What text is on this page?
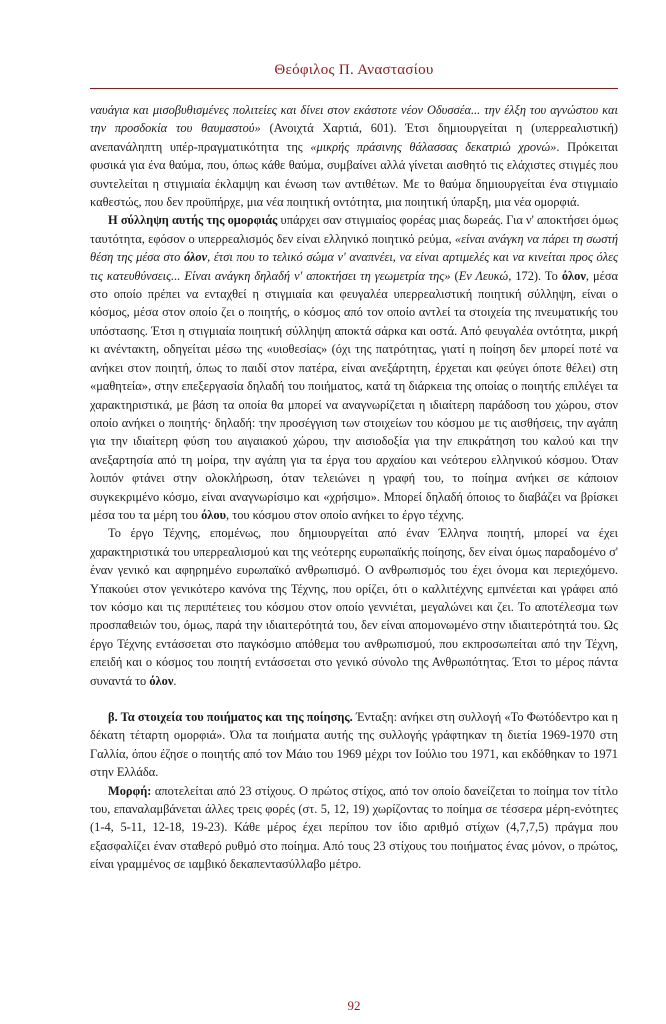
Θεόφιλος Π. Αναστασίου

ναυάγια και μισοβυθισμένες πολιτείες και δίνει στον εκάστοτε νέον Οδυσσέα... την έλξη του αγνώστου και την προσδοκία του θαυμαστού» (Ανοιχτά Χαρτιά, 601). Έτσι δημιουργείται η (υπερρεαλιστική) ανεπανάληπτη υπέρ-πραγματικότητα της «μικρής πράσινης θάλασσας δεκατριώ χρονώ». Πρόκειται φυσικά για ένα θαύμα, που, όπως κάθε θαύμα, συμβαίνει αλλά γίνεται αισθητό τις ελάχιστες στιγμές που συντελείται η στιγμιαία έκλαμψη και ένωση των αντιθέτων. Με το θαύμα δημιουργείται ένα στιγμιαίο καθεστώς, που δεν προϋπήρχε, μια νέα ποιητική οντότητα, μια ποιητική ύπαρξη, μια νέα ομορφιά.

Η σύλληψη αυτής της ομορφιάς υπάρχει σαν στιγμιαίος φορέας μιας δωρεάς. Για ν' αποκτήσει όμως ταυτότητα, εφόσον ο υπερρεαλισμός δεν είναι ελληνικό ποιητικό ρεύμα, «είναι ανάγκη να πάρει τη σωστή θέση της μέσα στο όλον, έτσι που το τελικό σώμα ν' αναπνέει, να είναι αρτιμελές και να κινείται προς όλες τις κατευθύνσεις... Είναι ανάγκη δηλαδή ν' αποκτήσει τη γεωμετρία της» (Εν Λευκώ, 172). Το όλον, μέσα στο οποίο πρέπει να ενταχθεί η στιγμιαία και φευγαλέα υπερρεαλιστική ποιητική σύλληψη, είναι ο κόσμος, μέσα στον οποίο ζει ο ποιητής, ο κόσμος από τον οποίο αντλεί τα στοιχεία της πνευματικής του υπόστασης. Έτσι η στιγμιαία ποιητική σύλληψη αποκτά σάρκα και οστά. Από φευγαλέα οντότητα, μικρή κι ανέντακτη, οδηγείται μέσω της «υιοθεσίας» (όχι της πατρότητας, γιατί η ποίηση δεν μπορεί ποτέ να ανήκει στον ποιητή, όπως το παιδί στον πατέρα, είναι ανεξάρτητη, έρχεται και φεύγει όποτε θέλει) στη «μαθητεία», στην επεξεργασία δηλαδή του ποιήματος, κατά τη διάρκεια της οποίας ο ποιητής επιλέγει τα χαρακτηριστικά, με βάση τα οποία θα μπορεί να αναγνωρίζεται η ιδιαίτερη παράδοση του χώρου, στον οποίο ανήκει ο ποιητής· δηλαδή: την προσέγγιση των στοιχείων του κόσμου με τις αισθήσεις, την αγάπη για την ιδιαίτερη φύση του αιγαιακού χώρου, την αισιοδοξία για την επικράτηση του καλού και την ανεξαρτησία από τη μοίρα, την αγάπη για τα έργα του αρχαίου και νεότερου ελληνικού κόσμου. Όταν λοιπόν φτάνει στην ολοκλήρωση, όταν τελειώνει η γραφή του, το ποίημα ανήκει σε κάποιον συγκεκριμένο κόσμο, είναι αναγνωρίσιμο και «χρήσιμο». Μπορεί δηλαδή όποιος το διαβάζει να βρίσκει μέσα του τα μέρη του όλου, του κόσμου στον οποίο ανήκει το έργο τέχνης.

Το έργο Τέχνης, επομένως, που δημιουργείται από έναν Έλληνα ποιητή, μπορεί να έχει χαρακτηριστικά του υπερρεαλισμού και της νεότερης ευρωπαϊκής ποίησης, δεν είναι όμως παραδομένο σ' έναν γενικό και αφηρημένο ευρωπαϊκό ανθρωπισμό. Ο ανθρωπισμός του έχει όνομα και περιεχόμενο. Υπακούει στον γενικότερο κανόνα της Τέχνης, που ορίζει, ότι ο καλλιτέχνης εμπνέεται και γράφει από τον κόσμο και τις περιπέτειες του κόσμου στον οποίο γεννιέται, μεγαλώνει και ζει. Το αποτέλεσμα των προσπαθειών του, όμως, παρά την ιδιαιτερότητά του, δεν είναι απομονωμένο στην ιδιαιτερότητά του. Ως έργο Τέχνης εντάσσεται στο παγκόσμιο απόθεμα του ανθρωπισμού, που εκπροσωπείται από την Τέχνη, επειδή και ο κόσμος του ποιητή εντάσσεται στο γενικό σύνολο της Ανθρωπότητας. Έτσι το μέρος πάντα συναντά το όλον.

β. Τα στοιχεία του ποιήματος και της ποίησης. Ένταξη: ανήκει στη συλλογή «Το Φωτόδεντρο και η δέκατη τέταρτη ομορφιά». Όλα τα ποιήματα αυτής της συλλογής γράφτηκαν τη διετία 1969-1970 στη Γαλλία, όπου έζησε ο ποιητής από τον Μάιο του 1969 μέχρι τον Ιούλιο του 1971, και εκδόθηκαν το 1971 στην Ελλάδα.

Μορφή: αποτελείται από 23 στίχους. Ο πρώτος στίχος, από τον οποίο δανείζεται το ποίημα τον τίτλο του, επαναλαμβάνεται άλλες τρεις φορές (στ. 5, 12, 19) χωρίζοντας το ποίημα σε τέσσερα μέρη-ενότητες (1-4, 5-11, 12-18, 19-23). Κάθε μέρος έχει περίπου τον ίδιο αριθμό στίχων (4,7,7,5) πράγμα που εξασφαλίζει έναν σταθερό ρυθμό στο ποίημα. Από τους 23 στίχους του ποιήματος ένας μόνον, ο πρώτος, είναι γραμμένος σε ιαμβικό δεκαπεντασύλλαβο μέτρο.

92
